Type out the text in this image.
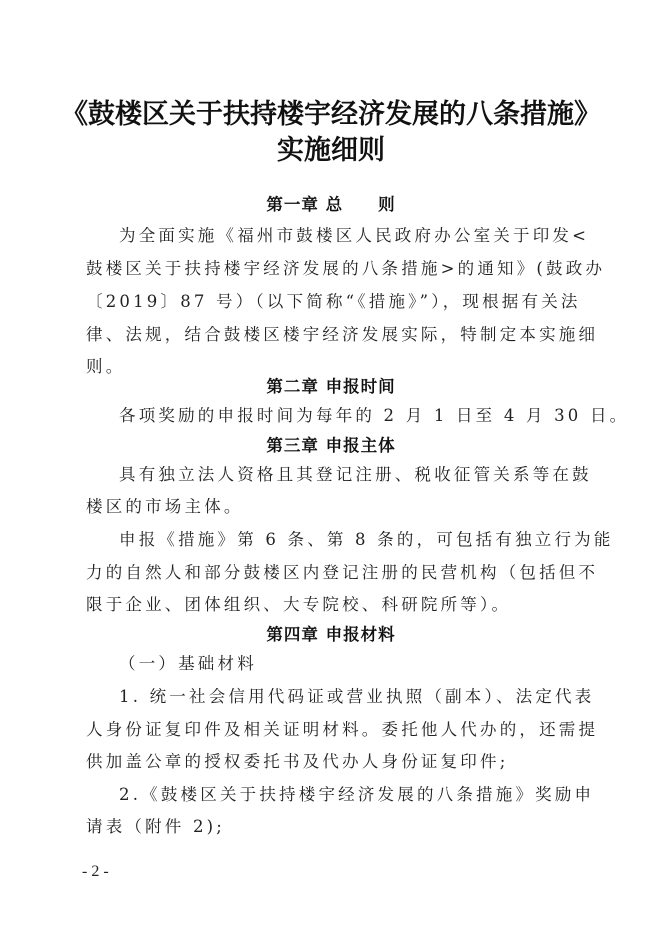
《鼓楼区关于扶持楼宇经济发展的八条措施》
实施细则
第一章 总　　则
为全面实施《福州市鼓楼区人民政府办公室关于印发<
鼓楼区关于扶持楼宇经济发展的八条措施>的通知》(鼓政办
〔2019〕87 号）（以下简称“《措施》”），现根据有关法
律、法规，结合鼓楼区楼宇经济发展实际，特制定本实施细
则。
第二章 申报时间
各项奖励的申报时间为每年的 2 月 1 日至 4 月 30 日。
第三章 申报主体
具有独立法人资格且其登记注册、税收征管关系等在鼓
楼区的市场主体。
申报《措施》第 6 条、第 8 条的，可包括有独立行为能
力的自然人和部分鼓楼区内登记注册的民营机构（包括但不
限于企业、团体组织、大专院校、科研院所等）。
第四章 申报材料
（一）基础材料
1. 统一社会信用代码证或营业执照（副本）、法定代表
人身份证复印件及相关证明材料。委托他人代办的，还需提
供加盖公章的授权委托书及代办人身份证复印件;
2.《鼓楼区关于扶持楼宇经济发展的八条措施》奖励申
请表（附件 2);
- 2 -
